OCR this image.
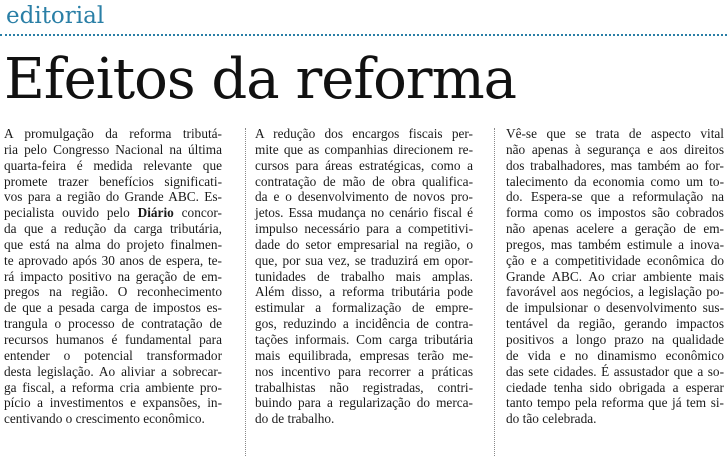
editorial
Efeitos da reforma
A promulgação da reforma tributá-
ria pelo Congresso Nacional na última
quarta-feira é medida relevante que
promete trazer benefícios significati-
vos para a região do Grande ABC. Es-
pecialista ouvido pelo Diário concor-
da que a redução da carga tributária,
que está na alma do projeto finalmen-
te aprovado após 30 anos de espera, te-
rá impacto positivo na geração de em-
pregos na região. O reconhecimento
de que a pesada carga de impostos es-
trangula o processo de contratação de
recursos humanos é fundamental para
entender o potencial transformador
desta legislação. Ao aliviar a sobrecar-
ga fiscal, a reforma cria ambiente pro-
pício a investimentos e expansões, in-
centivando o crescimento econômico.
A redução dos encargos fiscais per-
mite que as companhias direcionem re-
cursos para áreas estratégicas, como a
contratação de mão de obra qualifica-
da e o desenvolvimento de novos pro-
jetos. Essa mudança no cenário fiscal é
impulso necessário para a competitivi-
dade do setor empresarial na região, o
que, por sua vez, se traduzirá em opor-
tunidades de trabalho mais amplas.
Além disso, a reforma tributária pode
estimular a formalização de empre-
gos, reduzindo a incidência de contra-
tações informais. Com carga tributária
mais equilibrada, empresas terão me-
nos incentivo para recorrer a práticas
trabalhistas não registradas, contri-
buindo para a regularização do merca-
do de trabalho.
Vê-se que se trata de aspecto vital
não apenas à segurança e aos direitos
dos trabalhadores, mas também ao for-
talecimento da economia como um to-
do. Espera-se que a reformulação na
forma como os impostos são cobrados
não apenas acelere a geração de em-
pregos, mas também estimule a inova-
ção e a competitividade econômica do
Grande ABC. Ao criar ambiente mais
favorável aos negócios, a legislação po-
de impulsionar o desenvolvimento sus-
tentável da região, gerando impactos
positivos a longo prazo na qualidade
de vida e no dinamismo econômico
das sete cidades. É assustador que a so-
ciedade tenha sido obrigada a esperar
tanto tempo pela reforma que já tem si-
do tão celebrada.
